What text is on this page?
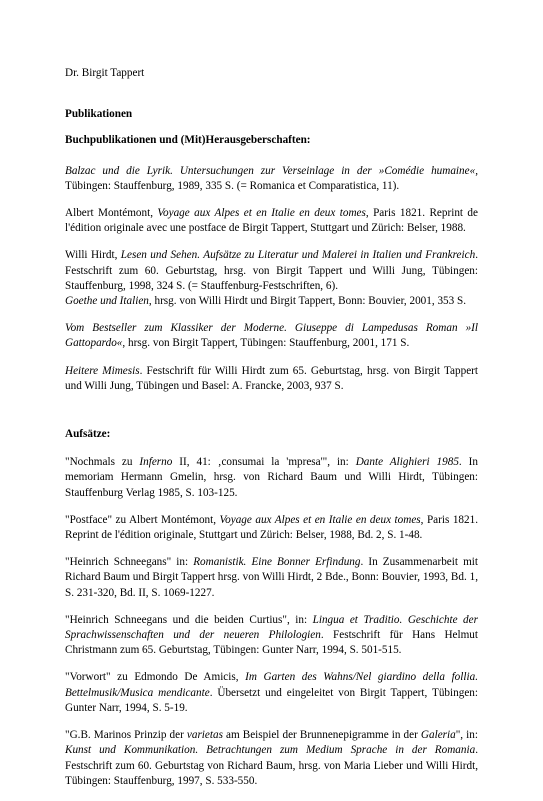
Dr. Birgit Tappert

Publikationen

Buchpublikationen und (Mit)Herausgeberschaften:

Balzac und die Lyrik. Untersuchungen zur Verseinlage in der »Comédie humaine«, Tübingen: Stauffenburg, 1989, 335 S. (= Romanica et Comparatistica, 11).

Albert Montémont, Voyage aux Alpes et en Italie en deux tomes, Paris 1821. Reprint de l'édition originale avec une postface de Birgit Tappert, Stuttgart und Zürich: Belser, 1988.

Willi Hirdt, Lesen und Sehen. Aufsätze zu Literatur und Malerei in Italien und Frankreich. Festschrift zum 60. Geburtstag, hrsg. von Birgit Tappert und Willi Jung, Tübingen: Stauffenburg, 1998, 324 S. (= Stauffenburg-Festschriften, 6).

Goethe und Italien, hrsg. von Willi Hirdt und Birgit Tappert, Bonn: Bouvier, 2001, 353 S.

Vom Bestseller zum Klassiker der Moderne. Giuseppe di Lampedusas Roman »Il Gattopardo«, hrsg. von Birgit Tappert, Tübingen: Stauffenburg, 2001, 171 S.

Heitere Mimesis. Festschrift für Willi Hirdt zum 65. Geburtstag, hrsg. von Birgit Tappert und Willi Jung, Tübingen und Basel: A. Francke, 2003, 937 S.

Aufsätze:

"Nochmals zu Inferno II, 41: ‚consumai la 'mpresa'", in: Dante Alighieri 1985. In memoriam Hermann Gmelin, hrsg. von Richard Baum und Willi Hirdt, Tübingen: Stauffenburg Verlag 1985, S. 103-125.

"Postface" zu Albert Montémont, Voyage aux Alpes et en Italie en deux tomes, Paris 1821. Reprint de l'édition originale, Stuttgart und Zürich: Belser, 1988, Bd. 2, S. 1-48.

"Heinrich Schneegans" in: Romanistik. Eine Bonner Erfindung. In Zusammenarbeit mit Richard Baum und Birgit Tappert hrsg. von Willi Hirdt, 2 Bde., Bonn: Bouvier, 1993, Bd. 1, S. 231-320, Bd. II, S. 1069-1227.

"Heinrich Schneegans und die beiden Curtius", in: Lingua et Traditio. Geschichte der Sprachwissenschaften und der neueren Philologien. Festschrift für Hans Helmut Christmann zum 65. Geburtstag, Tübingen: Gunter Narr, 1994, S. 501-515.

"Vorwort" zu Edmondo De Amicis, Im Garten des Wahns/Nel giardino della follia. Bettelmusik/Musica mendicante. Übersetzt und eingeleitet von Birgit Tappert, Tübingen: Gunter Narr, 1994, S. 5-19.

"G.B. Marinos Prinzip der varietas am Beispiel der Brunnenepigramme in der Galeria", in: Kunst und Kommunikation. Betrachtungen zum Medium Sprache in der Romania. Festschrift zum 60. Geburtstag von Richard Baum, hrsg. von Maria Lieber und Willi Hirdt, Tübingen: Stauffenburg, 1997, S. 533-550.
